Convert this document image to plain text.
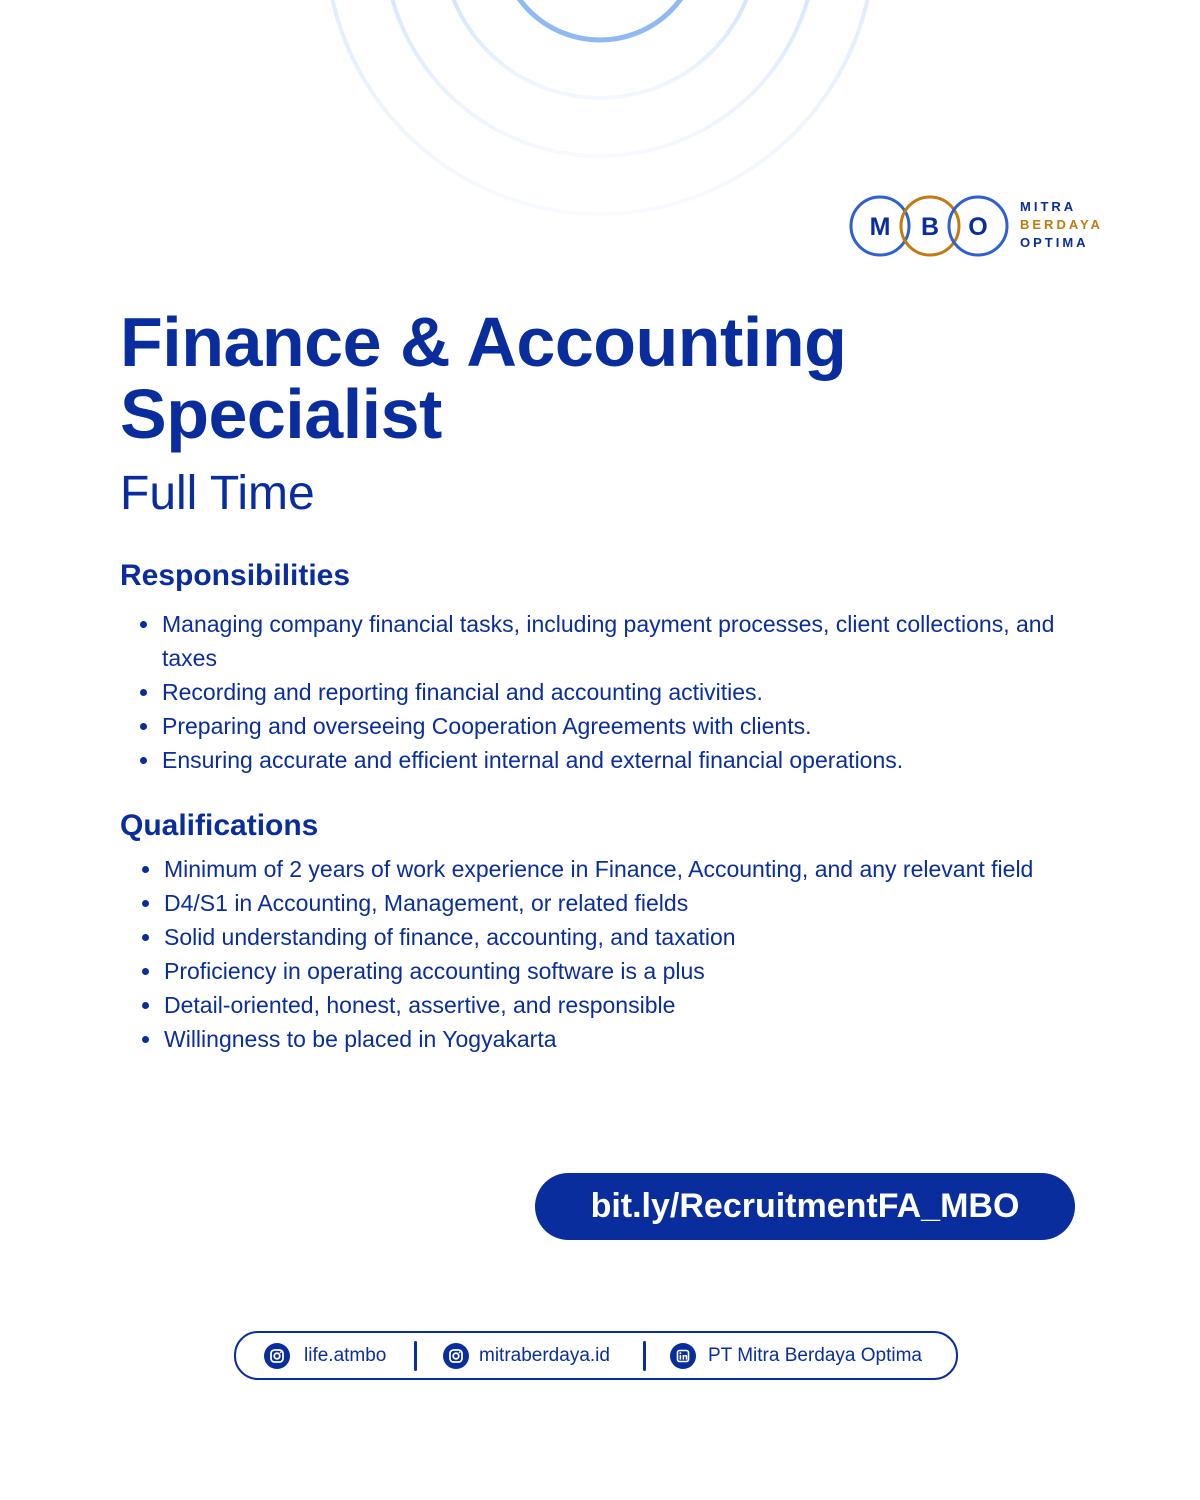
M B O
MITRA
BERDAYA
OPTIMA
Finance & Accounting
Specialist

Full Time

Responsibilities
Managing company financial tasks, including payment processes, client collections, and taxes
Recording and reporting financial and accounting activities.
Preparing and overseeing Cooperation Agreements with clients.
Ensuring accurate and efficient internal and external financial operations.
Qualifications
Minimum of 2 years of work experience in Finance, Accounting, and any relevant field
D4/S1 in Accounting, Management, or related fields
Solid understanding of finance, accounting, and taxation
Proficiency in operating accounting software is a plus
Detail-oriented, honest, assertive, and responsible
Willingness to be placed in Yogyakarta
bit.ly/RecruitmentFA_MBO
life.atmbo	mitraberdaya.id	PT Mitra Berdaya Optima
